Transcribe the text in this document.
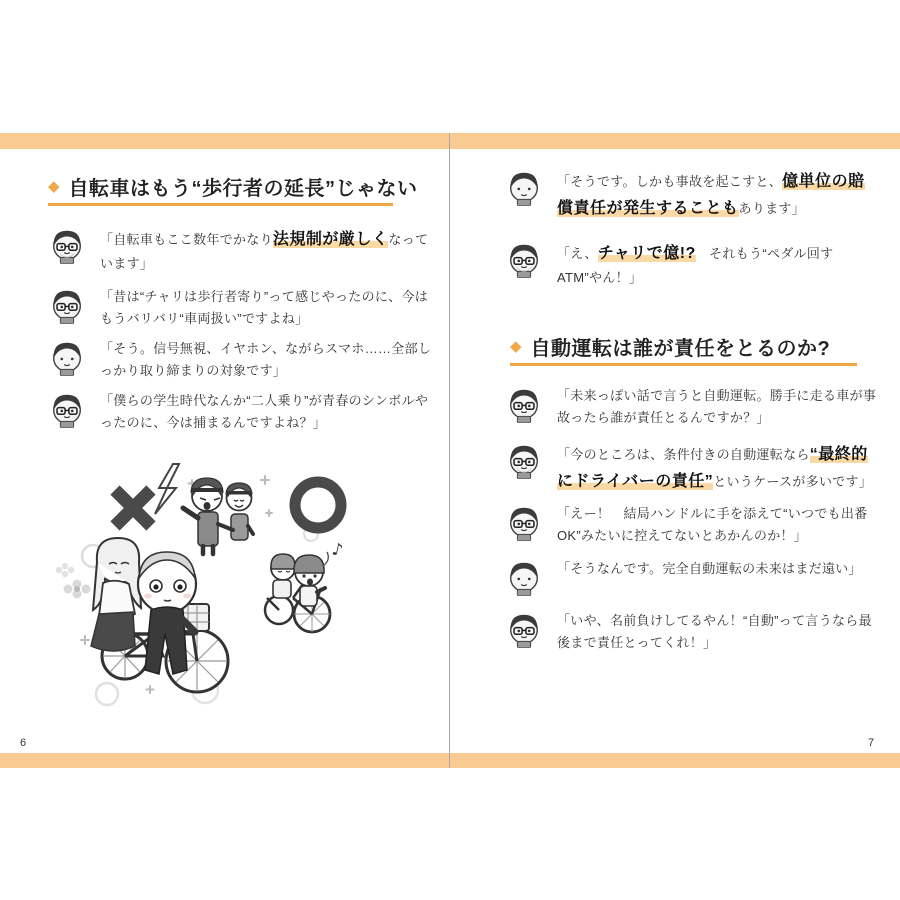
6	7
◆ 自転車はもう“歩行者の延長”じゃない

「自転車もここ数年でかなり法規制が厳しくなっています」

「昔は“チャリは歩行者寄り”って感じやったのに、今はもうバリバリ“車両扱い”ですよね」

「そう。信号無視、イヤホン、ながらスマホ……全部しっかり取り締まりの対象です」

「僕らの学生時代なんか“二人乗り”が青春のシンボルやったのに、今は捕まるんですよね？」

♪

「そうです。しかも事故を起こすと、億単位の賠償責任が発生することもあります」

「え、チャリで億!?　それもう“ペダル回すATM”やん！」

◆ 自動運転は誰が責任をとるのか?

「未来っぽい話で言うと自動運転。勝手に走る車が事故ったら誰が責任とるんですか？」

「今のところは、条件付きの自動運転なら“最終的にドライバーの責任”というケースが多いです」

「えー！　結局ハンドルに手を添えて“いつでも出番OK”みたいに控えてないとあかんのか！」

「そうなんです。完全自動運転の未来はまだ遠い」

「いや、名前負けしてるやん！“自動”って言うなら最後まで責任とってくれ！」
